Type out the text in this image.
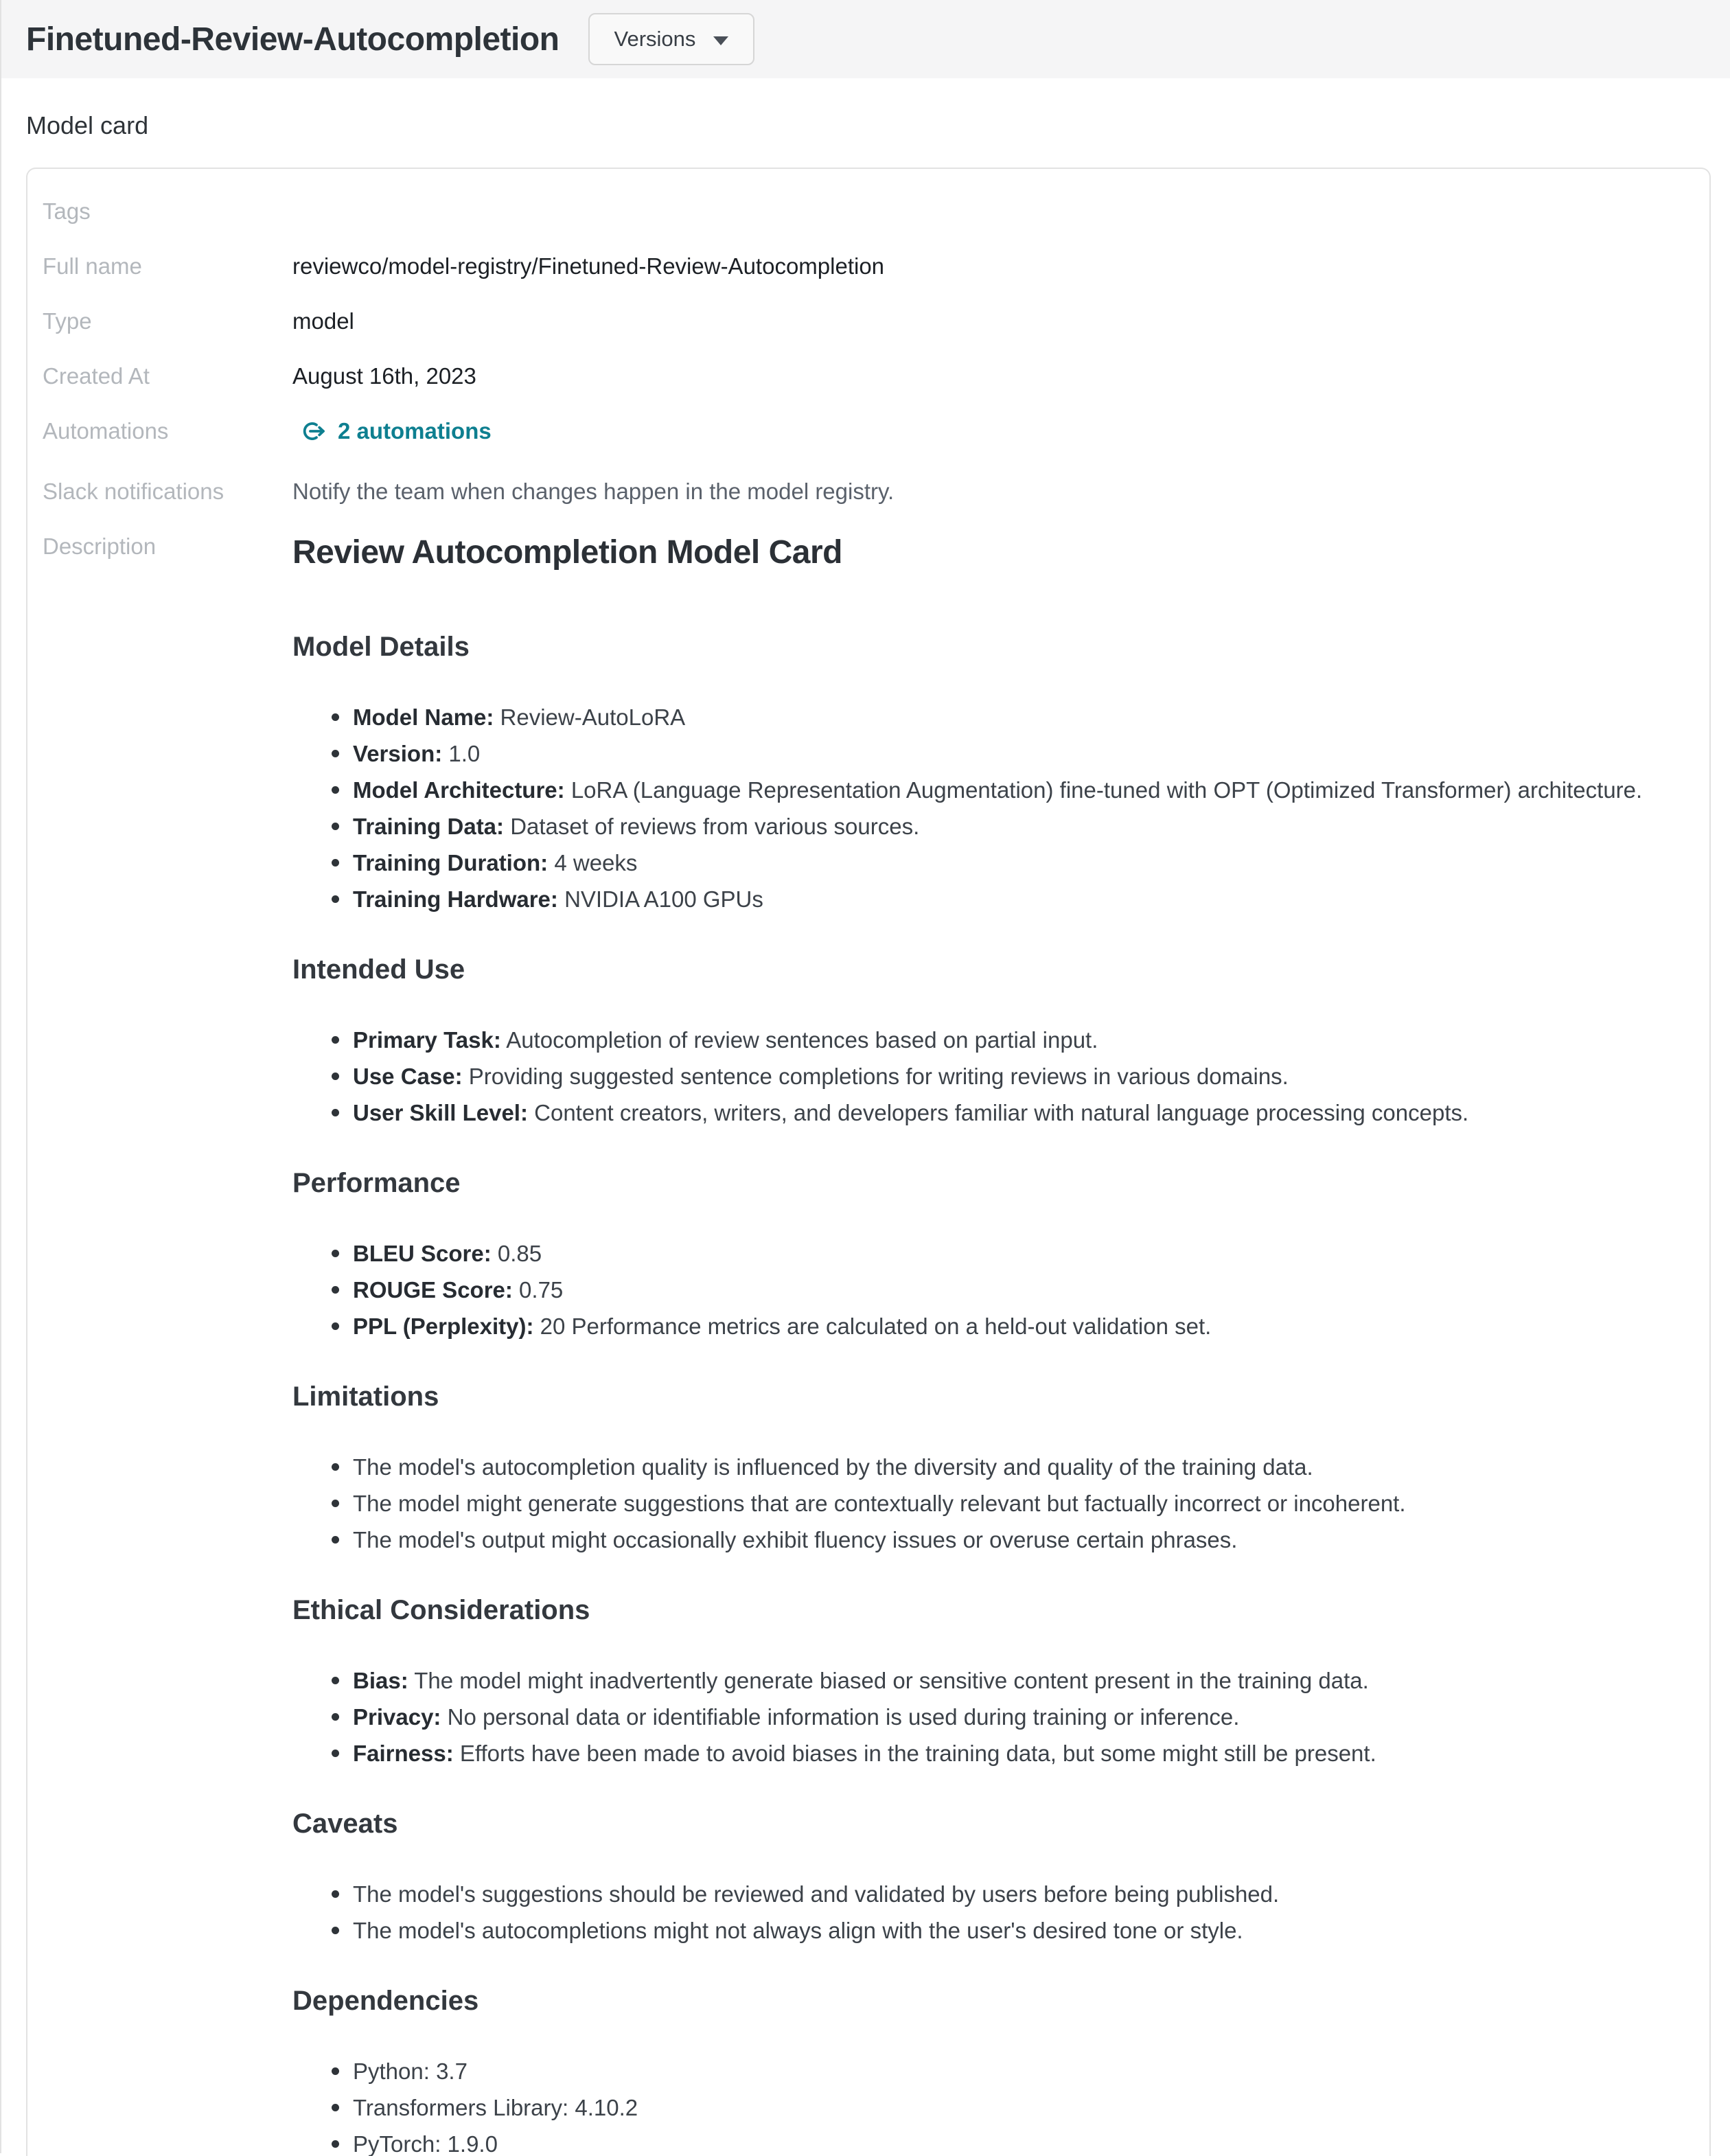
Finetuned-Review-Autocompletion	Versions
Model card
Tags
Full name	reviewco/model-registry/Finetuned-Review-Autocompletion
Type	model
Created At	August 16th, 2023
Automations	2 automations
Slack notifications	Notify the team when changes happen in the model registry.
Description	Review Autocompletion Model Card
Model Details
Model Name: Review-AutoLoRA
Version: 1.0
Model Architecture: LoRA (Language Representation Augmentation) fine-tuned with OPT (Optimized Transformer) architecture.
Training Data: Dataset of reviews from various sources.
Training Duration: 4 weeks
Training Hardware: NVIDIA A100 GPUs
Intended Use
Primary Task: Autocompletion of review sentences based on partial input.
Use Case: Providing suggested sentence completions for writing reviews in various domains.
User Skill Level: Content creators, writers, and developers familiar with natural language processing concepts.
Performance
BLEU Score: 0.85
ROUGE Score: 0.75
PPL (Perplexity): 20 Performance metrics are calculated on a held-out validation set.
Limitations
The model's autocompletion quality is influenced by the diversity and quality of the training data.
The model might generate suggestions that are contextually relevant but factually incorrect or incoherent.
The model's output might occasionally exhibit fluency issues or overuse certain phrases.
Ethical Considerations
Bias: The model might inadvertently generate biased or sensitive content present in the training data.
Privacy: No personal data or identifiable information is used during training or inference.
Fairness: Efforts have been made to avoid biases in the training data, but some might still be present.
Caveats
The model's suggestions should be reviewed and validated by users before being published.
The model's autocompletions might not always align with the user's desired tone or style.
Dependencies
Python: 3.7
Transformers Library: 4.10.2
PyTorch: 1.9.0
